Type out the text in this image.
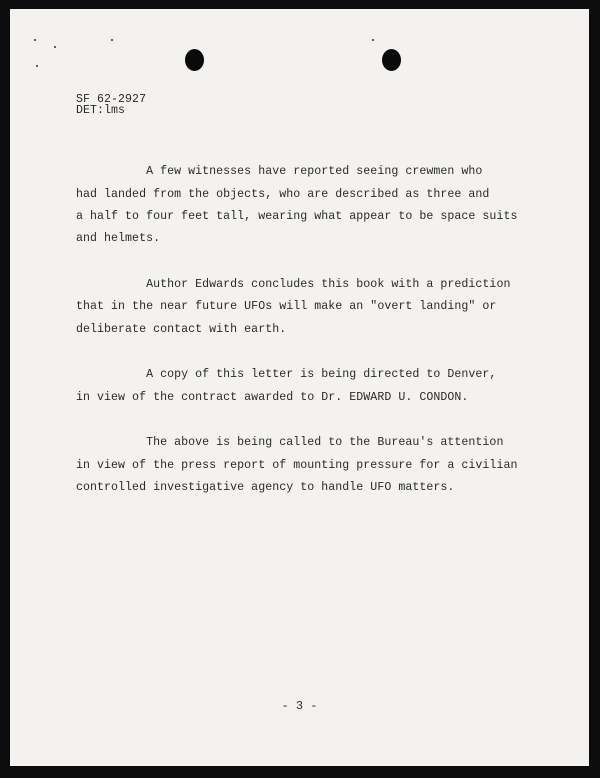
SF 62-2927
DET:lms

A few witnesses have reported seeing crewmen who

had landed from the objects, who are described as three and

a half to four feet tall, wearing what appear to be space suits

and helmets.

Author Edwards concludes this book with a prediction

that in the near future UFOs will make an "overt landing" or

deliberate contact with earth.

A copy of this letter is being directed to Denver,

in view of the contract awarded to Dr. EDWARD U. CONDON.

The above is being called to the Bureau's attention

in view of the press report of mounting pressure for a civilian

controlled investigative agency to handle UFO matters.

- 3 -
